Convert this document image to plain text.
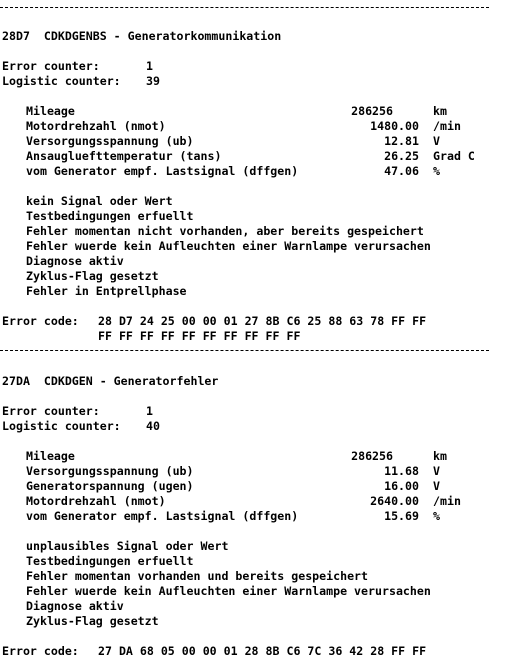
28D7  CDKDGENBS - Generatorkommunikation
Error counter:	1
Logistic counter: 39
Mileage	286256	km
Motordrehzahl (nmot)	1480.00 /min
Versorgungsspannung (ub)	12.81 V
Ansaugluefttemperatur (tans)	26.25 Grad C
vom Generator empf. Lastsignal (dffgen)	47.06 %
kein Signal oder Wert
Testbedingungen erfuellt
Fehler momentan nicht vorhanden, aber bereits gespeichert
Fehler wuerde kein Aufleuchten einer Warnlampe verursachen
Diagnose aktiv
Zyklus-Flag gesetzt
Fehler in Entprellphase
Error code: 28 D7 24 25 00 00 01 27 8B C6 25 88 63 78 FF FF
FF FF FF FF FF FF FF FF FF FF
27DA  CDKDGEN - Generatorfehler
Error counter:	1
Logistic counter: 40
Mileage	286256	km
Versorgungsspannung (ub)	11.68 V
Generatorspannung (ugen)	16.00 V
Motordrehzahl (nmot)	2640.00 /min
vom Generator empf. Lastsignal (dffgen)	15.69 %
unplausibles Signal oder Wert
Testbedingungen erfuellt
Fehler momentan vorhanden und bereits gespeichert
Fehler wuerde kein Aufleuchten einer Warnlampe verursachen
Diagnose aktiv
Zyklus-Flag gesetzt
Error code: 27 DA 68 05 00 00 01 28 8B C6 7C 36 42 28 FF FF
